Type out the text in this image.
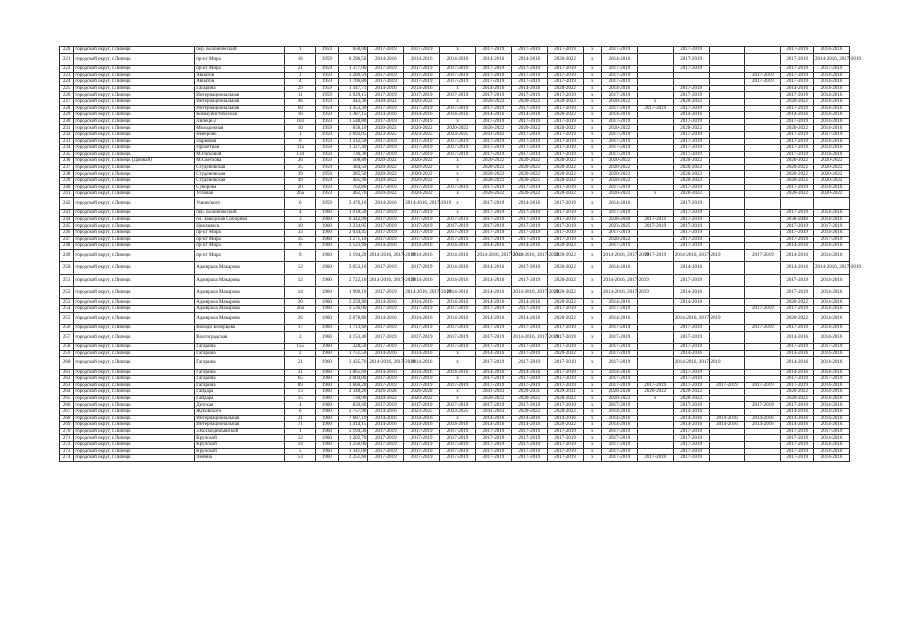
220	городской округ, г.Липецк	пер. Болонический	1	1959	650,00	2017-2019	2017-2019	х	2017-2019	2017-2019	2017-2019	х	2017-2019		2017-2019			2017-2019	2014-2016
221	городской округ, г.Липецк	пр-кт Мира	16	1959	6 296,50	2014-2016	2014-2016	2014-2016	2014-2016	2014-2016	2020-2022	х	2014-2016		2017-2019			2017-2019	2014-2016, 2017-2019
222	городской округ, г.Липецк	пр-кт Мира	21	1959	1 377,00	2017-2019	2017-2019	2017-2019	2017-2019	2017-2019	2017-2019	х	2017-2019		2017-2019			2017-2019	2017-2019
223	городской округ, г.Липецк	Авиатов	2	1959	3 269,59	2017-2019	2017-2019	2017-2019	2017-2019	2017-2019	2017-2019	х	2017-2019				2017-2019	2017-2019	2014-2016
224	городской округ, г.Липецк	Авиатов	4	1959	1 706,80	2017-2019	2017-2019	2017-2019	2017-2019	2017-2019	2017-2019	х	2017-2019				2017-2019	2017-2019	2014-2016
225	городской округ, г.Липецк	Гагарина	29	1959	1 347,73	2014-2016	2014-2016	х	2014-2016	2014-2016	2020-2022	х	2014-2016		2017-2019			2014-2016	2014-2016
226	городской округ, г.Липецк	Интернациональная	11	1959	3 929,15	2017-2019	2017-2019	2017-2019	2017-2019	2017-2019	2017-2019	х	2017-2019		2017-2019			2017-2019	2014-2016
227	городской округ, г.Липецк	Интернациональная	46	1959	442,36	2020-2022	2020-2022	х	2020-2022	2020-2022	2020-2022	х	2020-2022	х	2020-2022			2020-2022	2014-2016
228	городской округ, г.Липецк	Интернациональная	69	1959	1 453,30	2017-2019	2017-2019	2017-2019	2017-2019	2017-2019	2017-2019	х	2017-2019	2017-2019	2017-2019			2017-2019	2014-2016
229	городской округ, г.Липецк	Коммунистическая	16	1959	1 387,15	2014-2016	2014-2016	2014-2016	2014-2016	2014-2016	2020-2022	х	2014-2016		2014-2016			2014-2016	2014-2016
230	городской округ, г.Липецк	Липецк-2	103	1959	1 548,80	2017-2019	2017-2019	х	2017-2019	2017-2019	2017-2019	х	2017-2019		2017-2019			2017-2019	2014-2016
231	городской округ, г.Липецк	Молодежная	10	1959	858,10	2020-2022	2020-2022	2020-2022	2020-2022	2020-2022	2020-2022	х	2020-2022		2020-2022			2020-2022	2014-2016
232	городской округ, г.Липецк	Неверово	1	1959	2 693,05	2023-2025	2023-2025	2023-2025	2041-2043	2017-2019	2017-2019	х	2017-2019		2017-2019			2017-2019	2017-2019
233	городской округ, г.Липецк	Парковая	6	1959	1 332,50	2017-2019	2017-2019	2017-2019	2017-2019	2017-2019	2017-2019	х	2017-2019		2017-2019			2017-2019	2014-2016
234	городской округ, г.Липецк	Пролетная	11а	1959	1 327,49	2017-2019	2017-2019	2017-2019	2017-2019	2017-2019	2017-2019	х	2017-2019		2017-2019			2017-2019	2014-2016
235	городской округ, г.Липецк	М.Расковой	134	1959	736,30	2017-2019	2017-2019	2017-2019	2017-2019	2017-2019	2017-2019	х	2017-2019		2017-2019			2017-2019	2014-2016
236	городской округ, г.Липецк (Дачный)	М.Светлова	26	1959	508,80	2020-2022	2020-2022	х	2020-2022	2020-2022	2020-2022	х	2020-2022		2020-2022			2020-2022	2020-2022
237	городской округ, г.Липецк	Студеновская	35	1959	384,50	2020-2022	2020-2022	х	2020-2022	2020-2022	2020-2022	х	2020-2022		2020-2022			2020-2022	2020-2022
238	городской округ, г.Липецк	Студеновская	39	1959	385,50	2020-2022	2020-2022	х	2020-2022	2020-2022	2020-2022	х	2020-2022		2020-2022			2020-2022	2020-2022
239	городской округ, г.Липецк	Студеновская	49	1959	495,90	2020-2022	2020-2022	х	2020-2022	2020-2022	2020-2022	х	2020-2022		2020-2022			2020-2022	2020-2022
240	городской округ, г.Липецк	Суворова	20	1959	762,80	2017-2019	2017-2019	2017-2019	2017-2019	2017-2019	2017-2019	х	2017-2019		2017-2019			2017-2019	2014-2016
241	городской округ, г.Липецк	Угловая	26а	1959	462,70	2020-2022	2020-2022	х	2020-2022	2020-2022	2020-2022	х	2020-2022	х	2020-2022			2020-2022	2020-2022
242	городской округ, г.Липецк	Ушинского	6	1959	3 470,10	2014-2016	2014-2016, 2017-2019	х	2017-2019	2014-2016	2017-2019	х	2014-2016		2017-2019				
243	городской округ, г.Липецк	пер. Болонический	4	1960	1 018,56	2017-2019	2017-2019	х	2017-2019	2017-2019	2017-2019	х	2017-2019		2017-2019			2017-2019	2014-2016
244	городской округ, г.Липецк	пл. Заводская Соборная	3	1960	6 442,90	2017-2019	2017-2019	2017-2019	2017-2019	2017-2019	2017-2019	х	2038-2040	2017-2019	2017-2019			2038-2040	2014-2016
245	городской округ, г.Липецк	Циолковск.	10	1960	3 234,05	2017-2019	2017-2019	2017-2019	2017-2019	2017-2019	2017-2019	х	2023-2025	2017-2019	2017-2019			2017-2019	2017-2019
246	городской округ, г.Липецк	пр-кт Мира	33	1960	2 034,45	2017-2019	2017-2019	2017-2019	2017-2019	2017-2019	2017-2019	х	2017-2019		2017-2019			2017-2019	2014-2016
247	городской округ, г.Липецк	пр-кт Мира	35	1960	1 271,10	2017-2019	2017-2019	2017-2019	2017-2019	2017-2019	2017-2019	х	2020-2022		2017-2019			2017-2019	2017-2019
248	городской округ, г.Липецк	пр-кт Мира	6	1960	3 123,90	2014-2016	2014-2016	2014-2016	2014-2016	2014-2016	2020-2022	х	2017-2019		2017-2019			2014-2016	2014-2016
249	городской округ, г.Липецк	пр-кт Мира	9	1960	3 194,20	2014-2016, 2017-2019	2014-2016	2014-2016	2014-2016, 2017-2019	2014-2016, 2017-2019	2020-2022	х	2014-2016, 2017-2019	2017-2019	2014-2016, 2017-2019		2017-2019	2014-2016	2014-2016
250	городской округ, г.Липецк	Адмирала Макарова	12	1960	3 053,10	2017-2019	2017-2019	2014-2016	2014-2016	2017-2019	2020-2022	х	2014-2016		2014-2016			2014-2016	2014-2016, 2017-2019
251	городской округ, г.Липецк	Адмирала Макарова	12	1960	2 722,10	2014-2016, 2017-2019	2014-2016	2014-2016	2014-2016	2017-2019	2020-2022	х	2014-2016, 2017-2019		2017-2019			2017-2019	2014-2016
252	городской округ, г.Липецк	Адмирала Макарова	14	1960	1 900,10	2017-2019	2014-2016, 2017-2019	2014-2016	2014-2016	2014-2016, 2017-2019	2020-2022	х	2014-2016, 2017-2019		2014-2016			2017-2019	2014-2016
253	городской округ, г.Липецк	Адмирала Макарова	20	1960	2 259,80	2014-2016	2014-2016	2014-2016	2014-2016	2014-2016	2020-2022	х	2014-2016		2014-2016			2020-2022	2014-2016
254	городской округ, г.Липецк	Адмирала Макарова	20а	1960	3 536,00	2017-2019	2017-2019	2017-2019	2017-2019	2017-2019	2017-2019	х	2017-2019				2017-2019	2017-2019	2014-2016
255	городской округ, г.Липецк	Адмирала Макарова	26	1960	2 678,86	2014-2016	2014-2016	2014-2016	2014-2016	2014-2016	2020-2022	х	2014-2016		2014-2016, 2017-2019			2020-2022	2014-2016
256	городской округ, г.Липецк	Володи Бохерцева	17	1960	1 713,60	2017-2019	2017-2019	2017-2019	2017-2019	2017-2019	2017-2019	х	2017-2019		2017-2019		2017-2019	2017-2019	2014-2016
257	городской округ, г.Липецк	Волгоградская	2	1960	4 153,40	2017-2019	2017-2019	2017-2019	2017-2019	2014-2016, 2017-2019	2017-2019	х	2017-2019		2017-2019			2014-2016	2014-2016
258	городской округ, г.Липецк	Гагарина	155	1960	328,50	2017-2019	2017-2019	2017-2019	2017-2019	2017-2019	2017-2019	х	2017-2019		2017-2019			2017-2019	2017-2019
259	городской округ, г.Липецк	Гагарина	2	1960	1 751,50	2014-2016	2014-2016	х	2014-2016	2017-2019	2020-2022	х	2017-2019		2014-2016			2014-2016	2014-2016
260	городской округ, г.Липецк	Гагарина	21	1960	3 435,70	2014-2016, 2017-2019	2014-2016	х	2017-2019	2017-2019	2017-2019	х	2017-2019		2014-2016, 2017-2019			2014-2016	2014-2016
261	городской округ, г.Липецк	Гагарина	31	1960	1 865,69	2014-2016	2014-2016	2014-2016	2014-2016	2014-2016	2017-2019	х	2014-2016		2017-2019			2014-2016	2014-2016
262	городской округ, г.Липецк	Гагарина	65	1960	3 004,00	2017-2019	2017-2019	х	2017-2019	2017-2019	2017-2019	х	2017-2019		2017-2019			2017-2019	2017-2019
263	городской округ, г.Липецк	Гагарина	89	1960	1 666,20	2017-2019	2017-2019	2017-2019	2017-2019	2017-2019	2017-2019	х	2017-2019	2017-2019	2017-2019	2017-2019	2017-2019	2017-2019	2014-2016
264	городской округ, г.Липецк	Гайдара	13	1960	2 348,20	2026-2028	2026-2028	х	2041-2043	2029-2031	2029-2031	х	2026-2028	2020-2022	2020-2022			2020-2022	2014-2016
265	городской округ, г.Липецк	Гайдара	15	1960	730,00	2020-2022	2020-2022	х	2020-2022	2020-2022	2020-2022	х	2020-2022	х	2020-2022			2020-2022	2014-2016
266	городской округ, г.Липецк	Детская	4	1960	850,60	2017-2019	2017-2019	2017-2019	2017-2019	2017-2019	2017-2019	х	2017-2019		2017-2019		2017-2019	2017-2019	2014-2016
267	городской округ, г.Липецк	Жуковского	6	1960	2 757,90	2014-2016	2023-2025	2023-2025	2041-2043	2020-2022	2020-2022	х	2014-2016		2014-2016			2014-2016	2014-2016
268	городской округ, г.Липецк	Интернациональная	21	1960	7 687,10	2014-2016	2014-2016	х	2014-2016	2014-2016	2014-2016	х	2014-2016		2014-2016	2014-2016	2014-2016	2014-2016	2014-2016
269	городской округ, г.Липецк	Интернациональная	71	1960	1 414,15	2014-2016	2014-2016	2014-2016	2014-2016	2014-2016	2020-2022	х	2014-2016		2014-2016	2014-2016	2014-2016	2014-2016	2014-2016
270	городской округ, г.Липецк	З.Космодемьянской	1	1960	3 194,30	2017-2019	2017-2019	2017-2019	2017-2019	2017-2019	2017-2019	х	2017-2019		2017-2019			2017-2019	2017-2019
271	городской округ, г.Липецк	Крупской	12	1960	1 202,70	2017-2019	2017-2019	2017-2019	2017-2019	2017-2019	2017-2019	х	2017-2019		2017-2019			2017-2019	2014-2016
272	городской округ, г.Липецк	Крупской	14	1960	1 256,00	2017-2019	2017-2019	2017-2019	2017-2019	2017-2019	2017-2019	х	2017-2019		2017-2019			2017-2019	2014-2016
273	городской округ, г.Липецк	Крупской	5	1960	1 341,00	2017-2019	2017-2019	2017-2019	2017-2019	2017-2019	2017-2019	х	2017-2019		2017-2019			2017-2019	2014-2016
274	городской округ, г.Липецк	Ленина	53	1960	2 251,60	2017-2019	2017-2019	2017-2019	2017-2019	2017-2019	2017-2019	х	2017-2019	2017-2019	2017-2019			2017-2019	2014-2016
